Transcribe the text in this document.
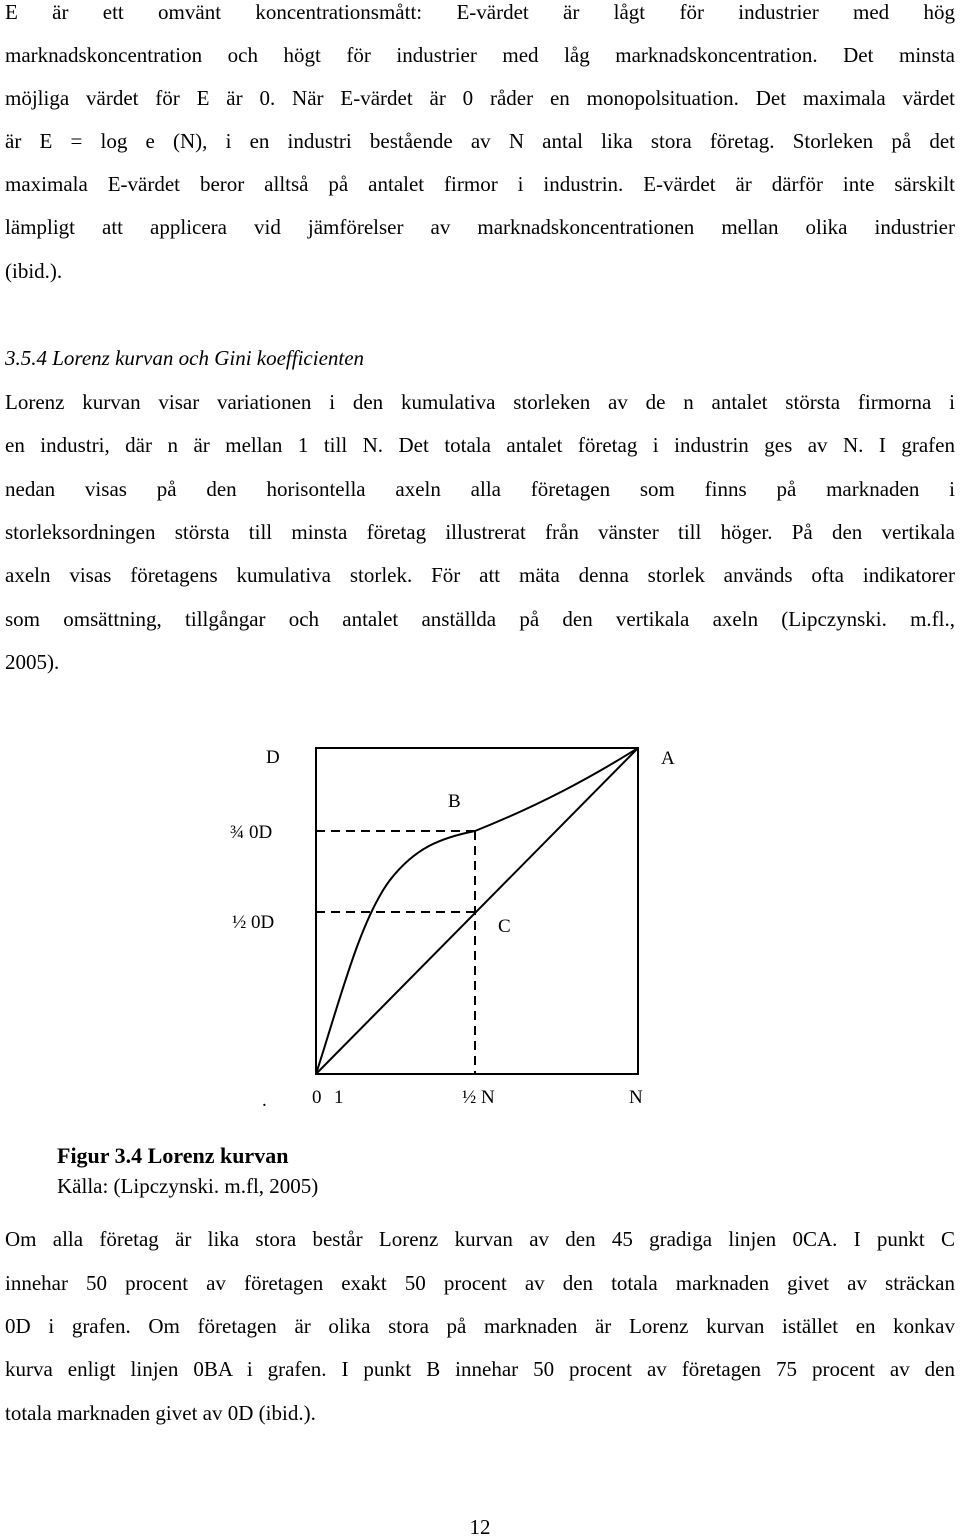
E är ett omvänt koncentrationsmått: E-värdet är lågt för industrier med hög
marknadskoncentration och högt för industrier med låg marknadskoncentration. Det minsta
möjliga värdet för E är 0. När E-värdet är 0 råder en monopolsituation. Det maximala värdet
är E = log e (N), i en industri bestående av N antal lika stora företag. Storleken på det
maximala E-värdet beror alltså på antalet firmor i industrin. E-värdet är därför inte särskilt
lämpligt att applicera vid jämförelser av marknadskoncentrationen mellan olika industrier
(ibid.).
3.5.4 Lorenz kurvan och Gini koefficienten
Lorenz kurvan visar variationen i den kumulativa storleken av de n antalet största firmorna i
en industri, där n är mellan 1 till N. Det totala antalet företag i industrin ges av N. I grafen
nedan visas på den horisontella axeln alla företagen som finns på marknaden i
storleksordningen största till minsta företag illustrerat från vänster till höger. På den vertikala
axeln visas företagens kumulativa storlek. För att mäta denna storlek används ofta indikatorer
som omsättning, tillgångar och antalet anställda på den vertikala axeln (Lipczynski. m.fl.,
2005).
D	A
B
¾ 0D
½ 0D	C
. 0 1	½ N	N
Figur 3.4 Lorenz kurvan
Källa: (Lipczynski. m.fl, 2005)
Om alla företag är lika stora består Lorenz kurvan av den 45 gradiga linjen 0CA. I punkt C
innehar 50 procent av företagen exakt 50 procent av den totala marknaden givet av sträckan
0D i grafen. Om företagen är olika stora på marknaden är Lorenz kurvan istället en konkav
kurva enligt linjen 0BA i grafen. I punkt B innehar 50 procent av företagen 75 procent av den
totala marknaden givet av 0D (ibid.).
12
